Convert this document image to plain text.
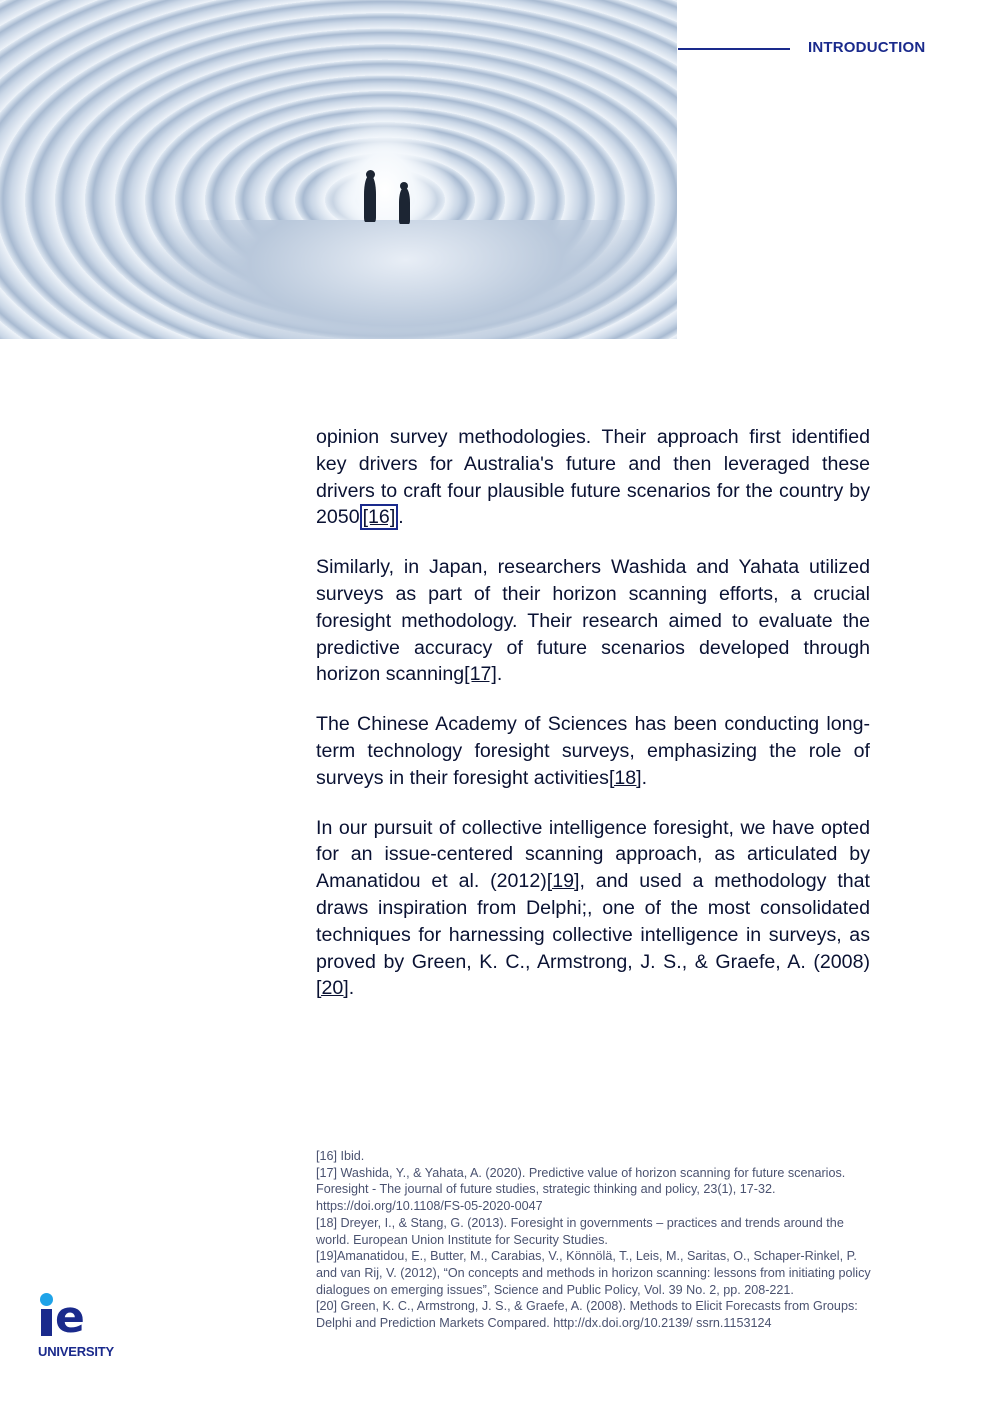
INTRODUCTION

opinion survey methodologies. Their approach first identified key drivers for Australia's future and then leveraged these drivers to craft four plausible future scenarios for the country by 2050 [16] .

Similarly, in Japan, researchers Washida and Yahata utilized surveys as part of their horizon scanning efforts, a crucial foresight methodology. Their research aimed to evaluate the predictive accuracy of future scenarios developed through horizon scanning[17].

The Chinese Academy of Sciences has been conducting long-term technology foresight surveys, emphasizing the role of surveys in their foresight activities[18].

In our pursuit of collective intelligence foresight, we have opted for an issue-centered scanning approach, as articulated by Amanatidou et al. (2012)[19], and used a methodology that draws inspiration from Delphi;, one of the most consolidated techniques for harnessing collective intelligence in surveys, as proved by Green, K. C., Armstrong, J. S., & Graefe, A. (2008) [20].

[16] Ibid.
[17] Washida, Y., & Yahata, A. (2020). Predictive value of horizon scanning for future scenarios. Foresight - The journal of future studies, strategic thinking and policy, 23(1), 17-32. https://doi.org/10.1108/FS-05-2020-0047
[18] Dreyer, I., & Stang, G. (2013). Foresight in governments – practices and trends around the world. European Union Institute for Security Studies.
[19]Amanatidou, E., Butter, M., Carabias, V., Könnölä, T., Leis, M., Saritas, O., Schaper-Rinkel, P. and van Rij, V. (2012), “On concepts and methods in horizon scanning: lessons from initiating policy dialogues on emerging issues”, Science and Public Policy, Vol. 39 No. 2, pp. 208-221.
[20] Green, K. C., Armstrong, J. S., & Graefe, A. (2008). Methods to Elicit Forecasts from Groups: Delphi and Prediction Markets Compared. http://dx.doi.org/10.2139/ ssrn.1153124
e
UNIVERSITY
